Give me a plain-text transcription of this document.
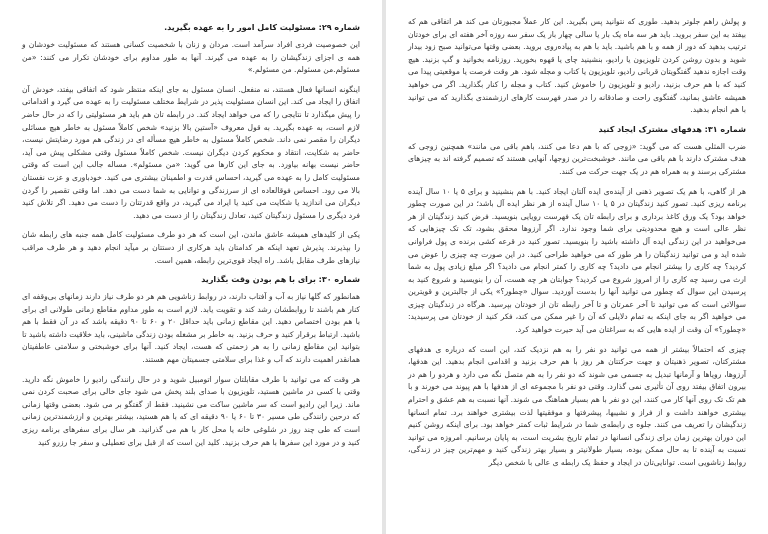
شماره ۲۹: مسئولیت کامل امور را به عهده بگیرید.

این خصوصیت فردی افراد سرآمد است. مردان و زنان با شخصیت کسانی هستند که مسئولیت خودشان و همه ی اجزای زندگیشان را به عهده می گیرند. آنها به طور مداوم برای خودشان تکرار می کنند: «من مسئولم.من مسئولم. من مسئولم.»

اینگونه انسانها فعال هستند، نه منفعل. انسان مسئول به جای اینکه منتظر شود که اتفاقی بیفتد، خودش آن اتفاق را ایجاد می کند. این انسان مسئولیت پذیر در شرایط مختلف مسئولیت را به عهده می گیرد و اقداماتی را پیش میگذارد تا نتایجی را که می خواهد ایجاد کند. در رابطه تان هم باید هر مسئولیتی را که در حال حاضر لازم است، به عهده بگیرید. به قول معروف «آستین بالا بزنید» شخص کاملاً مسئول به خاطر هیچ مسائلی دیگران را مقصر نمی داند. شخص کاملاً مسئول به خاطر هیچ مسأله ای در زندگی هم مورد رضایتش نیست، حاضر به شکایت، انتقاد و محکوم کردن دیگران نیست. شخص کاملاً مسئول وقتی مشکلی پیش می آید، حاضر نیست بهانه بیاورد. به جای این کارها می گوید: «من مسئولم». مساله جالب این است که وقتی مسئولیت کامل را به عهده می گیرید، احساس قدرت و اطمینان بیشتری می کنید. خودباوری و عزت نفستان بالا می رود. احساس فوقالعاده ای از سرزندگی و توانایی به شما دست می دهد. اما وقتی تقصیر را گردن دیگران می اندازید یا شکایت می کنید یا ایراد می گیرید، در واقع قدرتتان را دست می دهید. اگر تلاش کنید فرد دیگری را مسئول زندگیتان کنید، تعادل زندگیتان را از دست می دهید.

یکی از کلیدهای همیشه عاشق ماندن، این است که هر دو طرف مسئولیت کامل همه جنبه های رابطه شان را بپذیرند. پذیرش تعهد اینکه هر کدامتان باید هرکاری از دستتان بر میآید انجام دهید و هر طرف مراقب نیازهای طرف مقابل باشد. راه ایجاد قوی‌ترین رابطه، همین است.

شماره ۳۰: برای با هم بودن وقت بگذارید

همانطور که گلها نیاز به آب و آفتاب دارند، در روابط زناشویی هم هر دو طرف نیاز دارند زمانهای بی‌وقفه ای کنار هم باشند تا روابطشان رشد کند و تقویت یابد. لازم است به طور مداوم مقاطع زمانی طولانی ای برای با هم بودن اختصاص دهید. این مقاطع زمانی باید حداقل ۲۰ و ۶۰ تا ۹۰ دقیقه باشد که در آن فقط با هم باشید. ارتباط برقرار کنید و حرف بزنید. به خاطر بر مشغله بودن زندگی ماشینی، باید خلاقیت داشته باشید تا بتوانید این مقاطع زمانی را به هر زحمتی که هست، ایجاد کنید. آنها برای خوشبختی و سلامتی عاطفیتان همانقدر اهمیت دارند که آب و غذا برای سلامتی جسمیتان مهم هستند.

هر وقت که می توانید با طرف مقابلتان سوار اتومبیل شوید و در حال رانندگی رادیو را خاموش نگه دارید. وقتی با کسی در ماشین هستید، تلویزیون با صدای بلند پخش می شود جای خالی برای صحبت کردن نمی ماند. زیرا این رادیو است که سر ماشین ساکت می نشینید. فقط از گفتگو بر می شود. بعضی وقتها زمانی که درحین رانندگی طی مسیر ۳۰ تا ۶۰ یا ۹۰ دقیقه ای که با هم هستید، بیشتر بهترین و ارزشمندترین زمانی است که طی چند روز در شلوغی خانه یا محل کار با هم می گذرانید. هر سال برای سفرهای برنامه ریزی کنید و در مورد این سفرها با هم حرف بزنید. کلید این است که از قبل برای تعطیلی و سفر جا رزرو کنید

و پولش راهم جلوتر بدهید. طوری که نتوانید پس بگیرید. این کار عملاً مجبورتان می کند هر اتفاقی هم که بیفتد به این سفر بروید. باید هر سه ماه یک بار یا سالی چهار بار یک سفر سه روزه آخر هفته ای برای خودتان ترتیب بدهید که دور از همه و با هم باشید. باید با هم به پیاده‌روی بروید. بعضی وقتها می‌توانید صبح زود بیدار شوید و بدون روشن کردن تلویزیون یا رادیو، بنشینید چای یا قهوه بخورید. روزنامه بخوانید و گپ بزنید. هیچ وقت اجازه ندهید گفتگویتان قربانی رادیو، تلویزیون یا کتاب و مجله شود. هر وقت فرصت یا موقعیتی پیدا می کنید که با هم حرف بزنید، رادیو و تلویزیون را خاموش کنید. کتاب و مجله را کنار بگذارید. اگر می خواهید همیشه عاشق بمانید، گفتگوی راحت و صادقانه را در صدر فهرست کارهای ارزشمندی بگذارید که می توانید با هم انجام بدهید.

شماره ۳۱: هدفهای مشترک ایجاد کنید

ضرب المثلی هست که می گوید: «زوجی که با هم دعا می کنند، باهم باقی می مانند» همچنین زوجی که هدف مشترک دارند با هم باقی می مانند. خوشبخت‌ترین زوجها، آنهایی هستند که تصمیم گرفته اند به چیزهای مشترکی برسند و به همراه هم در یک جهت حرکت می کنند.

هر از گاهی، با هم یک تصویر ذهنی از آینده‌ی ایده آلتان ایجاد کنید. با هم بنشینید و برای ۵ یا ۱۰ سال آینده برنامه ریزی کنید. تصور کنید زندگیتان در ۵ یا ۱۰ سال آینده از هر نظر ایده آل باشد؛ در این صورت چطور خواهد بود؟ یک ورق کاغذ برداری و برای رابطه تان یک فهرست رویایی بنویسید. فرض کنید زندگیتان از هر نظر عالی است و هیچ محدودیتی برای شما وجود ندارد. اگر آرزوها محقق بشود، تک تک چیزهایی که می‌خواهید در این زندگی ایده آل داشته باشید را بنویسید. تصور کنید در قرعه کشی برنده ی پول فراوانی شده اید و می توانید زندگیتان را هر طور که می خواهید طراحی کنید. در این صورت چه چیزی را عوض می کردید؟ چه کاری را بیشتر انجام می دادید؟ چه کاری را کمتر انجام می دادید؟ اگر مبلغ زیادی پول به شما ارث می رسید چه کاری را از امروز شروع می کردید؟ جوابتان هر چه هست، آن را بنویسید و شروع کنید به پرسیدن این سوال که چطور می توانید آنها را بدست آوردید. سوال «چطور؟» یکی از جالبترین و قویترین سوالاتی است که می توانید تا آخر عمرتان و تا آخر رابطه تان از خودتان بپرسید. هرگاه در زندگیتان چیزی می خواهید اگر به جای اینکه به تمام دلایلی که آن را غیر ممکن می کند، فکر کنید از خودتان می پرسیدید: «چطور؟» آن وقت از ایده هایی که به سراغتان می آید حیرت خواهید کرد.

چیزی که احتمالاً بیشتر از همه می توانید دو نفر را به هم نزدیک کند، این است که درباره ی هدفهای مشترکتان، تصویر ذهنیتان و جهت حرکتتان هر روز با هم حرف بزنید و اقدامی انجام بدهید. این هدفها، آرزوها، رویاها و آرمانها تبدیل به جسمی می شوند که دو نفر را به هم متصل نگه می دارد و هردو را هم در بیرون اتفاق بیفتد روی آن تأثیری نمی گذارد. وقتی دو نفر با مجموعه ای از هدفها با هم پیوند می خورند و با هم تک تک روی آنها کار می کنند، این دو نفر با هم بسیار هماهنگ می شوند. آنها نسبت به هم عشق و احترام بیشتری خواهند داشت و از فراز و نشیبها، پیشرفتها و موفقیتها لذت بیشتری خواهند برد. تمام انسانها زندگیشان را تعریف می کنند. جلوه ی رابطه‌ی شما در شرایط ثبات کمتر خواهد بود. برای اینکه روشن کنیم این دوران بهترین زمان برای زندگی انسانها در تمام تاریخ بشریت است، به پایان برسانیم. امروزه می توانید نسبت به آینده تا به حال ممکن بوده، بسیار طولانیتر و بسیار بهتر زندگی کنید و مهم‌ترین چیز در زندگی، روابط زناشویی است. توانایی‌تان در ایجاد و حفظ یک رابطه ی عالی با شخص دیگر
